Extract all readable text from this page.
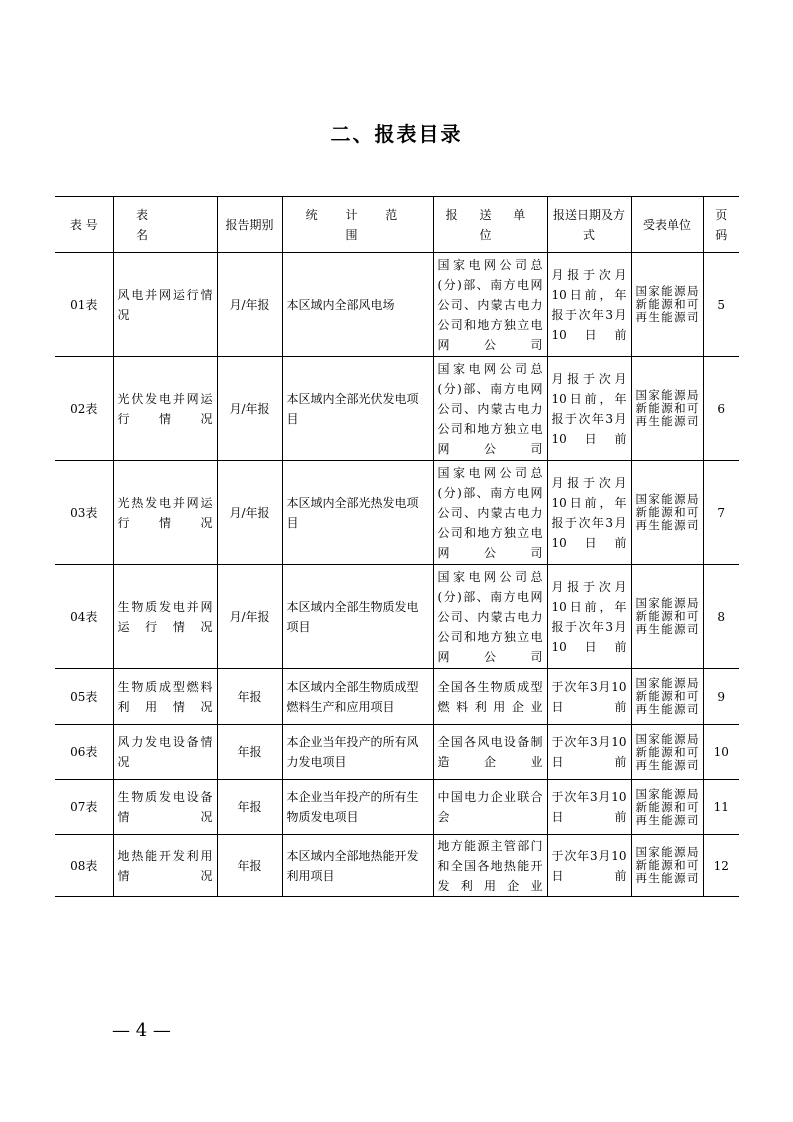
二、报表目录
表 号	表 名	报告期别	统 计 范 围	报 送 单 位	报送日期及方式	受表单位	页码
01表	风电并网运行情况	月/年报	本区域内全部风电场	国家电网公司总(分)部、南方电网公司、内蒙古电力公司和地方独立电网公司	月报于次月10日前，年报于次年3月10日前	国家能源局新能源和可再生能源司	5
02表	光伏发电并网运行情况	月/年报	本区域内全部光伏发电项目	国家电网公司总(分)部、南方电网公司、内蒙古电力公司和地方独立电网公司	月报于次月10日前，年报于次年3月10日前	国家能源局新能源和可再生能源司	6
03表	光热发电并网运行情况	月/年报	本区域内全部光热发电项目	国家电网公司总(分)部、南方电网公司、内蒙古电力公司和地方独立电网公司	月报于次月10日前，年报于次年3月10日前	国家能源局新能源和可再生能源司	7
04表	生物质发电并网运行情况	月/年报	本区域内全部生物质发电项目	国家电网公司总(分)部、南方电网公司、内蒙古电力公司和地方独立电网公司	月报于次月10日前，年报于次年3月10日前	国家能源局新能源和可再生能源司	8
05表	生物质成型燃料利用情况	年报	本区域内全部生物质成型燃料生产和应用项目	全国各生物质成型燃料利用企业	于次年3月10日前	国家能源局新能源和可再生能源司	9
06表	风力发电设备情况	年报	本企业当年投产的所有风力发电项目	全国各风电设备制造企业	于次年3月10日前	国家能源局新能源和可再生能源司	10
07表	生物质发电设备情况	年报	本企业当年投产的所有生物质发电项目	中国电力企业联合会	于次年3月10日前	国家能源局新能源和可再生能源司	11
08表	地热能开发利用情况	年报	本区域内全部地热能开发利用项目	地方能源主管部门和全国各地热能开发利用企业	于次年3月10日前	国家能源局新能源和可再生能源司	12
— 4 —
